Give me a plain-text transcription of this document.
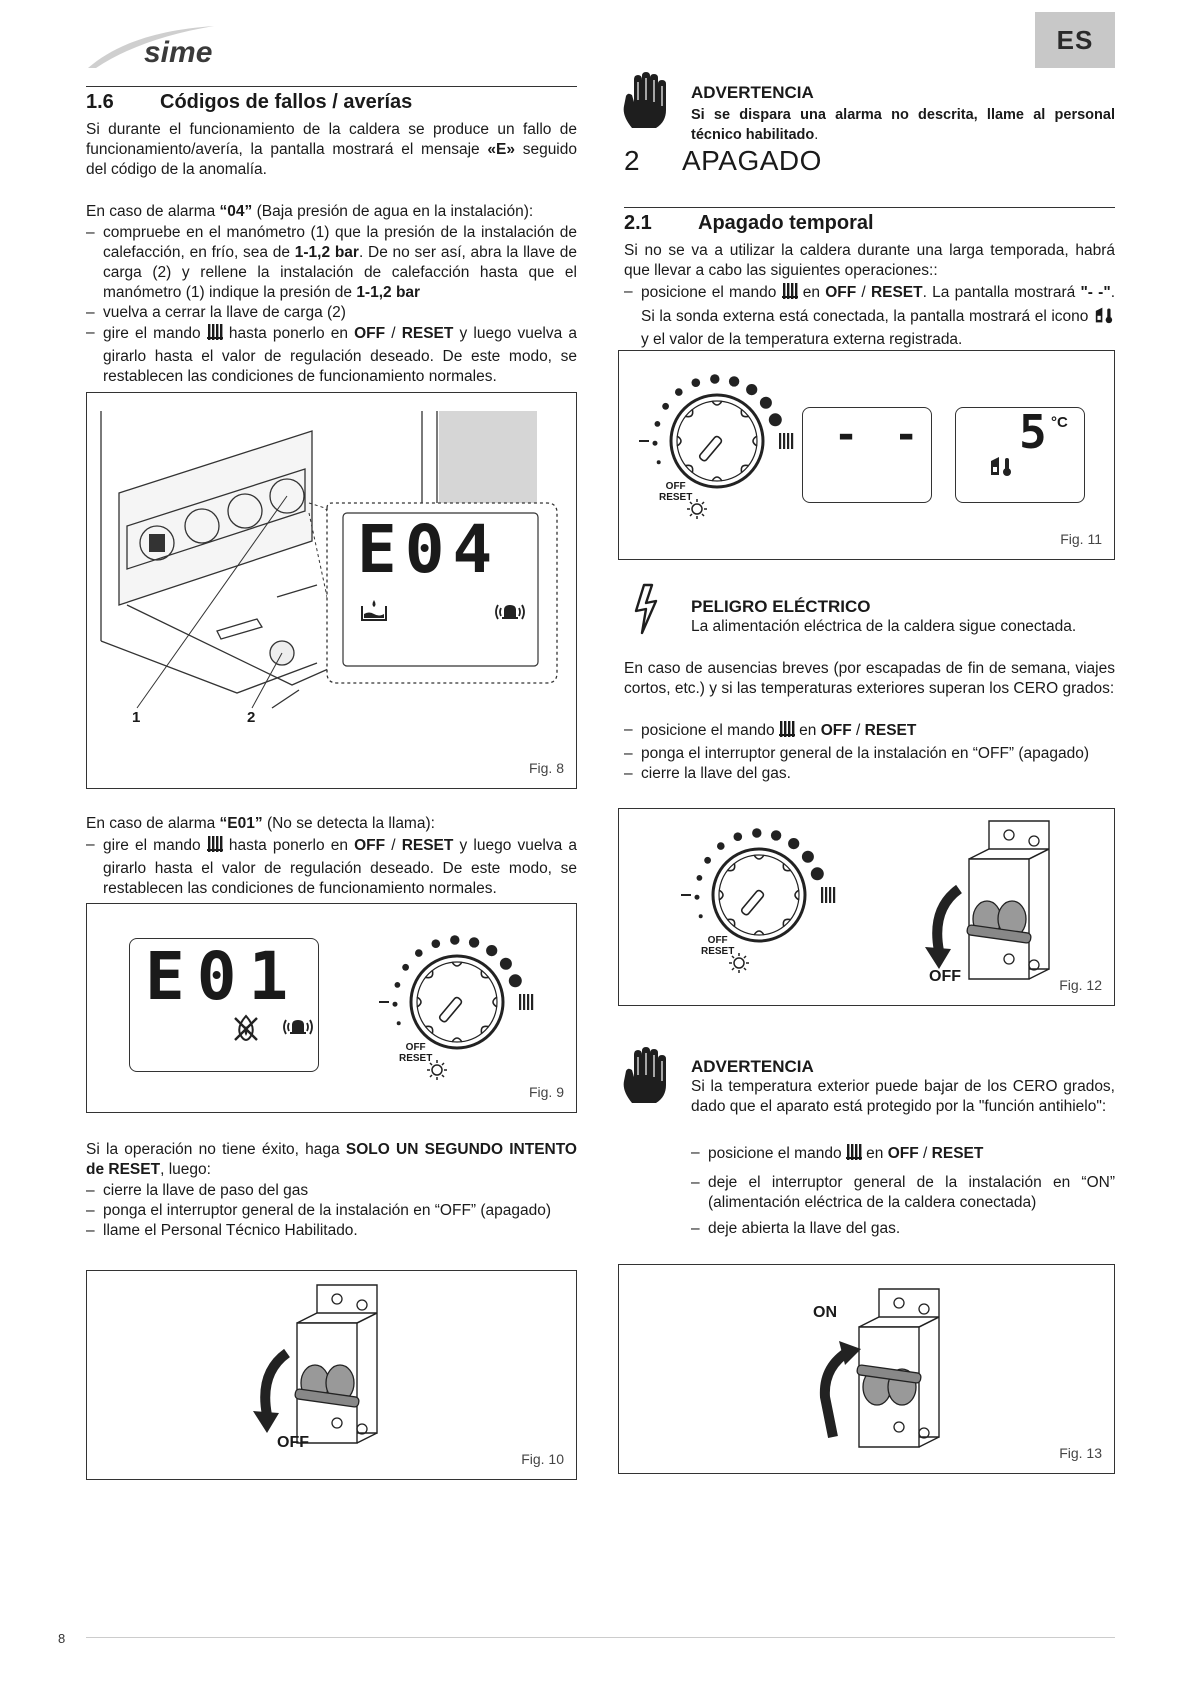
sime	ES
1.6	Códigos de fallos / averías

Si durante el funcionamiento de la caldera se produce un fallo de funcionamiento/avería, la pantalla mostrará el mensaje «E» seguido del código de la anomalía.

En caso de alarma “04” (Baja presión de agua en la instalación):

– compruebe en el manómetro (1) que la presión de la instalación de calefacción, en frío, sea de 1-1,2 bar. De no ser así, abra la llave de carga (2) y rellene la instalación de calefacción hasta que el manómetro (1) indique la presión de 1-1,2 bar
– vuelva a cerrar la llave de carga (2)
– gire el mando  hasta ponerlo en OFF / RESET y luego vuelva a girarlo hasta el valor de regulación deseado. De este modo, se restablecen las condiciones de funcionamiento normales.
E04
1	2
Fig. 8

En caso de alarma “E01” (No se detecta la llama):

– gire el mando  hasta ponerlo en OFF / RESET y luego vuelva a girarlo hasta el valor de regulación deseado. De este modo, se restablecen las condiciones de funcionamiento normales.
E01
OFF
RESET
Fig. 9

Si la operación no tiene éxito, haga SOLO UN SEGUNDO INTENTO de RESET, luego:

– cierre la llave de paso del gas
– ponga el interruptor general de la instalación en “OFF” (apagado)
– llame el Personal Técnico Habilitado.
OFF
Fig. 10
ADVERTENCIA
Si se dispara una alarma no descrita, llame al personal técnico habilitado.
2	APAGADO
2.1	Apagado temporal

Si no se va a utilizar la caldera durante una larga temporada, habrá que llevar a cabo las siguientes operaciones::

– posicione el mando  en OFF / RESET. La pantalla mostrará "- -". Si la sonda externa está conectada, la pantalla mostrará el icono  y el valor de la temperatura externa registrada.
OFF
RESET
- - 5 °C
Fig. 11
PELIGRO ELÉCTRICO
La alimentación eléctrica de la caldera sigue conectada.

En caso de ausencias breves (por escapadas de fin de semana, viajes cortos, etc.) y si las temperaturas exteriores superan los CERO grados:

– posicione el mando  en OFF / RESET
– ponga el interruptor general de la instalación en “OFF” (apagado)
– cierre la llave del gas.
OFF
RESET
OFF	Fig. 12
ADVERTENCIA
Si la temperatura exterior puede bajar de los CERO grados, dado que el aparato está protegido por la "función antihielo":
– posicione el mando  en OFF / RESET
– deje el interruptor general de la instalación en “ON” (alimentación eléctrica de la caldera conectada)
– deje abierta la llave del gas.
ON
Fig. 13
8
